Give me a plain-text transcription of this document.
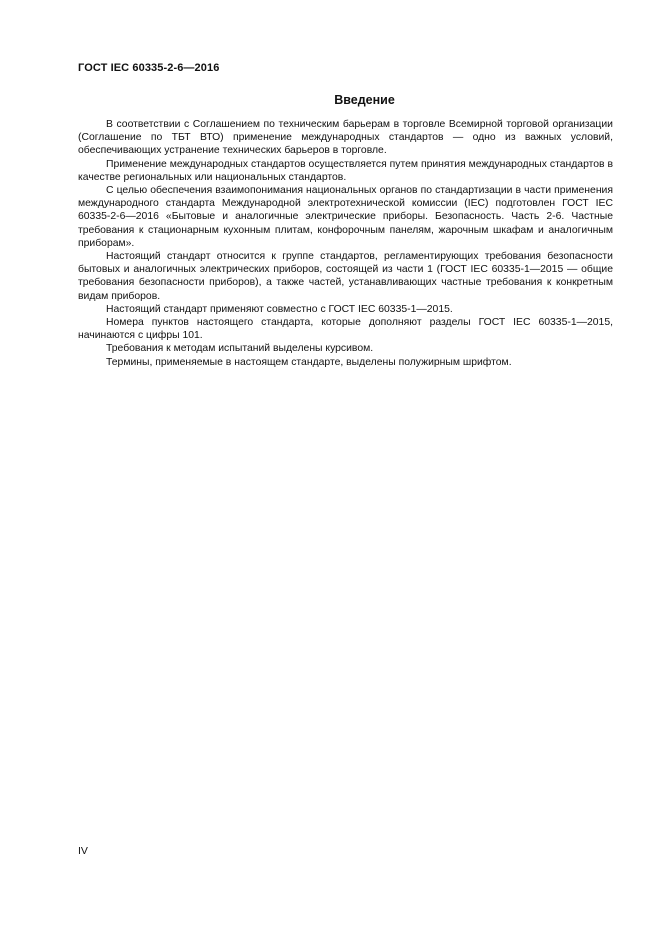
ГОСТ IEC 60335-2-6—2016
Введение

В соответствии с Соглашением по техническим барьерам в торговле Всемирной торговой организации (Соглашение по ТБТ ВТО) применение международных стандартов — одно из важных условий, обеспечивающих устранение технических барьеров в торговле.

Применение международных стандартов осуществляется путем принятия международных стандартов в качестве региональных или национальных стандартов.

С целью обеспечения взаимопонимания национальных органов по стандартизации в части применения международного стандарта Международной электротехнической комиссии (IEC) подготовлен ГОСТ IEC 60335-2-6—2016 «Бытовые и аналогичные электрические приборы. Безопасность. Часть 2-6. Частные требования к стационарным кухонным плитам, конфорочным панелям, жарочным шкафам и аналогичным приборам».

Настоящий стандарт относится к группе стандартов, регламентирующих требования безопасности бытовых и аналогичных электрических приборов, состоящей из части 1 (ГОСТ IEC 60335-1—2015 — общие требования безопасности приборов), а также частей, устанавливающих частные требования к конкретным видам приборов.

Настоящий стандарт применяют совместно с ГОСТ IEC 60335-1—2015.

Номера пунктов настоящего стандарта, которые дополняют разделы ГОСТ IEC 60335-1—2015, начинаются с цифры 101.

Требования к методам испытаний выделены курсивом.

Термины, применяемые в настоящем стандарте, выделены полужирным шрифтом.

IV
